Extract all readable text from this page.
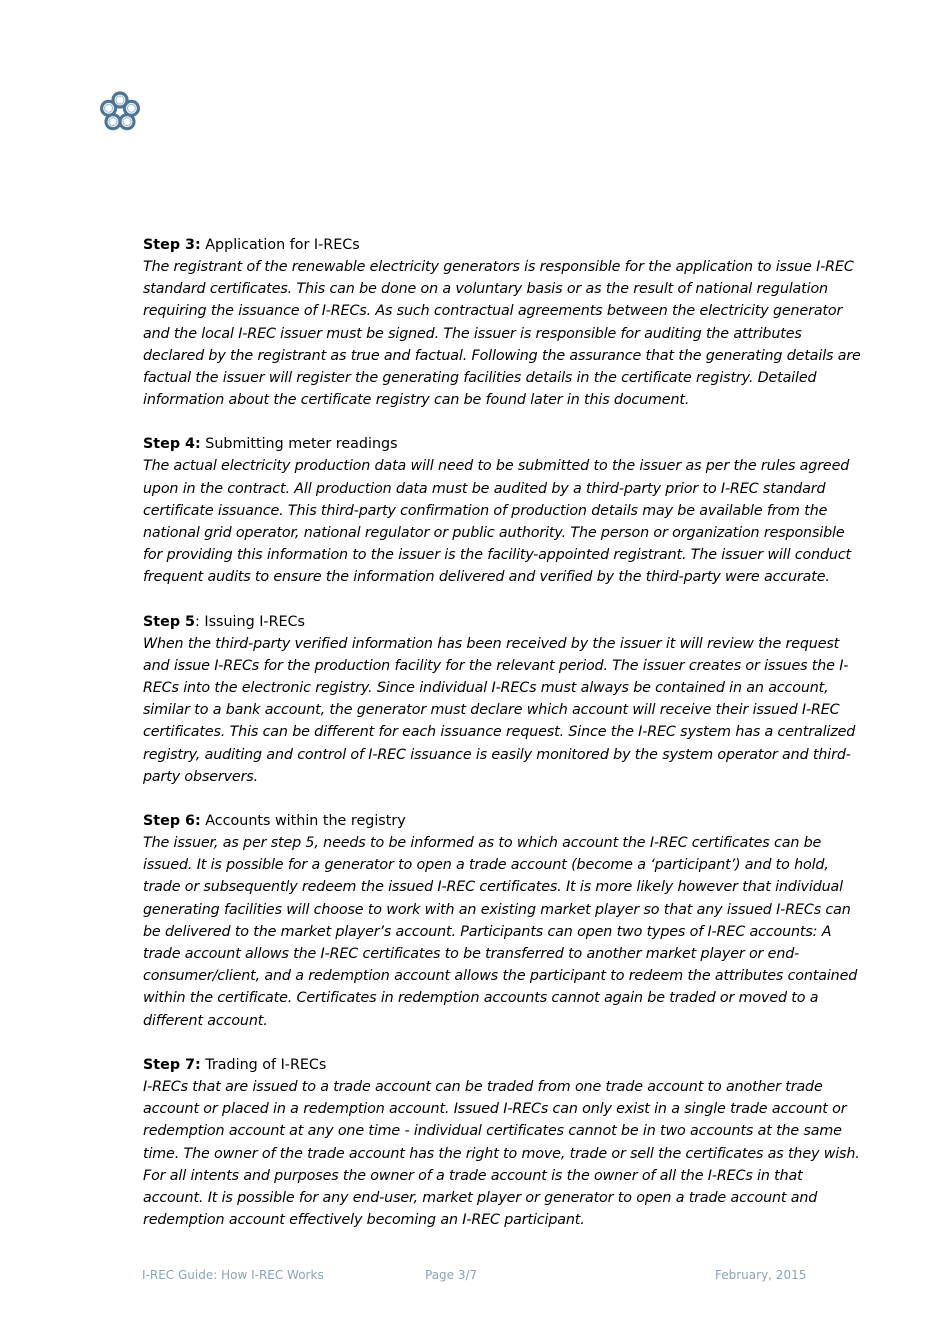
Step 3: Application for I-RECs
The registrant of the renewable electricity generators is responsible for the application to issue I-REC standard certificates. This can be done on a voluntary basis or as the result of national regulation requiring the issuance of I-RECs. As such contractual agreements between the electricity generator and the local I-REC issuer must be signed. The issuer is responsible for auditing the attributes declared by the registrant as true and factual. Following the assurance that the generating details are factual the issuer will register the generating facilities details in the certificate registry. Detailed information about the certificate registry can be found later in this document.
Step 4: Submitting meter readings
The actual electricity production data will need to be submitted to the issuer as per the rules agreed upon in the contract. All production data must be audited by a third-party prior to I-REC standard certificate issuance. This third-party confirmation of production details may be available from the national grid operator, national regulator or public authority. The person or organization responsible for providing this information to the issuer is the facility-appointed registrant. The issuer will conduct frequent audits to ensure the information delivered and verified by the third-party were accurate.
Step 5: Issuing I-RECs
When the third-party verified information has been received by the issuer it will review the request and issue I-RECs for the production facility for the relevant period. The issuer creates or issues the I-RECs into the electronic registry. Since individual I-RECs must always be contained in an account, similar to a bank account, the generator must declare which account will receive their issued I-REC certificates. This can be different for each issuance request. Since the I-REC system has a centralized registry, auditing and control of I-REC issuance is easily monitored by the system operator and third-party observers.
Step 6: Accounts within the registry
The issuer, as per step 5, needs to be informed as to which account the I-REC certificates can be issued. It is possible for a generator to open a trade account (become a ‘participant’) and to hold, trade or subsequently redeem the issued I-REC certificates. It is more likely however that individual generating facilities will choose to work with an existing market player so that any issued I-RECs can be delivered to the market player’s account. Participants can open two types of I-REC accounts: A trade account allows the I-REC certificates to be transferred to another market player or end-consumer/client, and a redemption account allows the participant to redeem the attributes contained within the certificate. Certificates in redemption accounts cannot again be traded or moved to a different account.
Step 7: Trading of I-RECs
I-RECs that are issued to a trade account can be traded from one trade account to another trade account or placed in a redemption account. Issued I-RECs can only exist in a single trade account or redemption account at any one time - individual certificates cannot be in two accounts at the same time. The owner of the trade account has the right to move, trade or sell the certificates as they wish. For all intents and purposes the owner of a trade account is the owner of all the I-RECs in that account. It is possible for any end-user, market player or generator to open a trade account and redemption account effectively becoming an I-REC participant.
I-REC Guide: How I-REC Works	Page 3/7	February, 2015
